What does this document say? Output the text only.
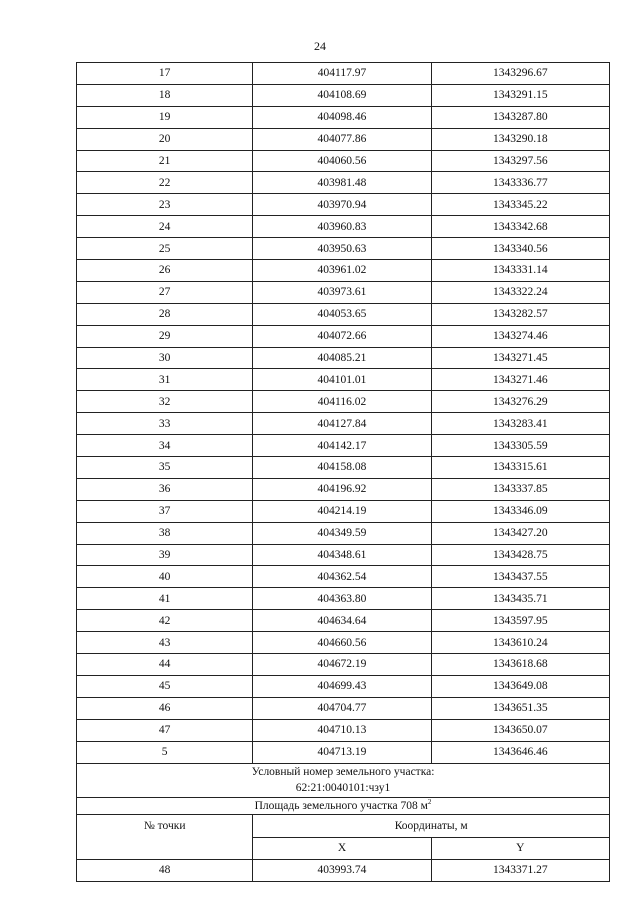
24
17	404117.97	1343296.67
18	404108.69	1343291.15
19	404098.46	1343287.80
20	404077.86	1343290.18
21	404060.56	1343297.56
22	403981.48	1343336.77
23	403970.94	1343345.22
24	403960.83	1343342.68
25	403950.63	1343340.56
26	403961.02	1343331.14
27	403973.61	1343322.24
28	404053.65	1343282.57
29	404072.66	1343274.46
30	404085.21	1343271.45
31	404101.01	1343271.46
32	404116.02	1343276.29
33	404127.84	1343283.41
34	404142.17	1343305.59
35	404158.08	1343315.61
36	404196.92	1343337.85
37	404214.19	1343346.09
38	404349.59	1343427.20
39	404348.61	1343428.75
40	404362.54	1343437.55
41	404363.80	1343435.71
42	404634.64	1343597.95
43	404660.56	1343610.24
44	404672.19	1343618.68
45	404699.43	1343649.08
46	404704.77	1343651.35
47	404710.13	1343650.07
5	404713.19	1343646.46
Условный номер земельного участка:		
62:21:0040101:чзу1		
Площадь земельного участка 708 $м^2$
№ точки	Координаты, м	
	X	Y
48	403993.74	1343371.27
